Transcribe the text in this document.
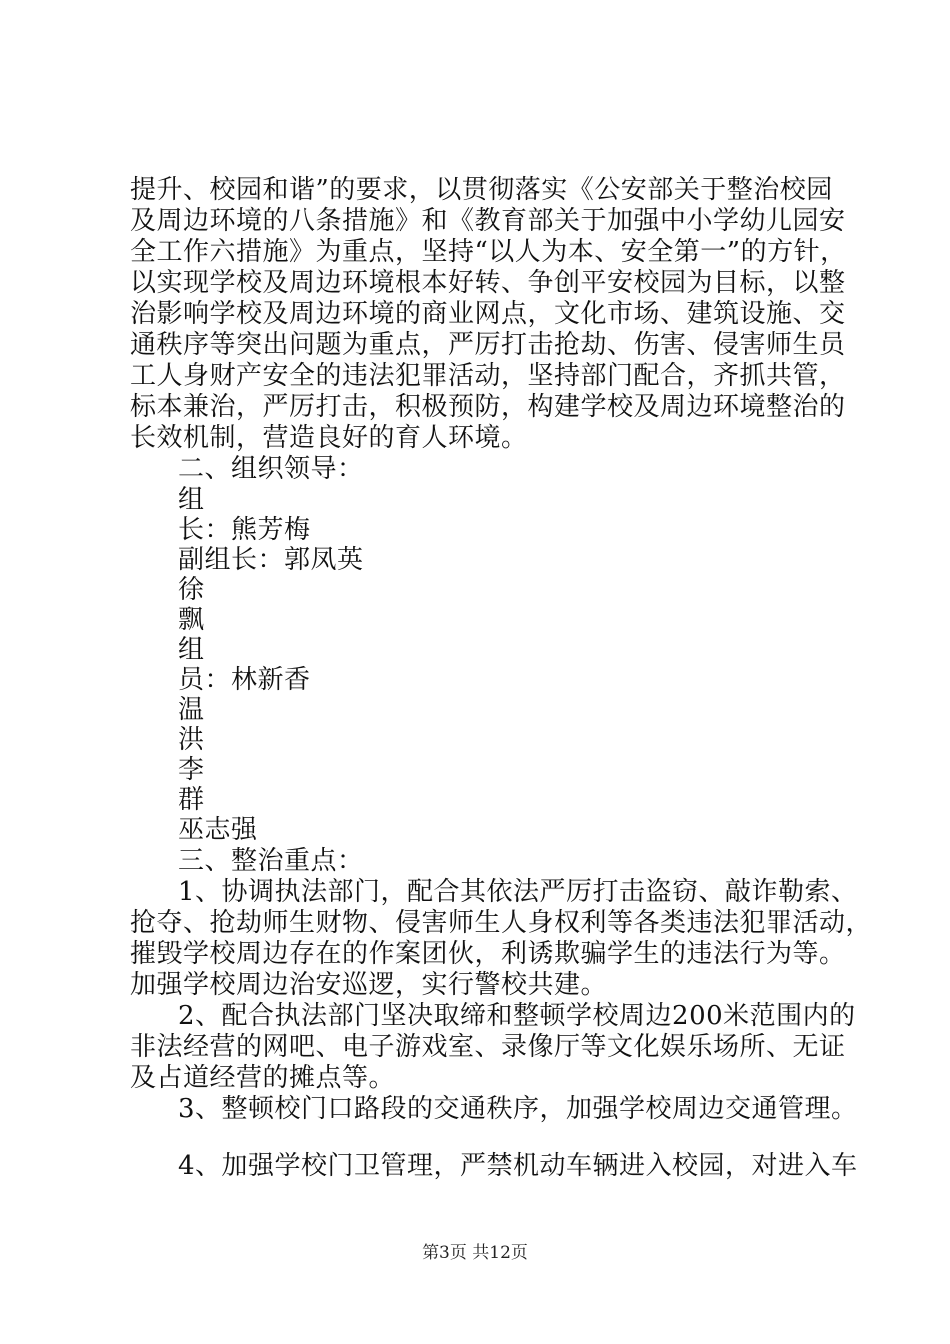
提升、校园和谐”的要求，以贯彻落实《公安部关于整治校园
及周边环境的八条措施》和《教育部关于加强中小学幼儿园安
全工作六措施》为重点，坚持“以人为本、安全第一”的方针，
以实现学校及周边环境根本好转、争创平安校园为目标，以整
治影响学校及周边环境的商业网点，文化市场、建筑设施、交
通秩序等突出问题为重点，严厉打击抢劫、伤害、侵害师生员
工人身财产安全的违法犯罪活动，坚持部门配合，齐抓共管，
标本兼治，严厉打击，积极预防，构建学校及周边环境整治的
长效机制，营造良好的育人环境。
二、组织领导：
组
长：熊芳梅
副组长：郭凤英
徐
飘
组
员：林新香
温
洪
李
群
巫志强
三、整治重点：
1、协调执法部门，配合其依法严厉打击盗窃、敲诈勒索、
抢夺、抢劫师生财物、侵害师生人身权利等各类违法犯罪活动，
摧毁学校周边存在的作案团伙，利诱欺骗学生的违法行为等。
加强学校周边治安巡逻，实行警校共建。
2、配合执法部门坚决取缔和整顿学校周边200米范围内的
非法经营的网吧、电子游戏室、录像厅等文化娱乐场所、无证
及占道经营的摊点等。
3、整顿校门口路段的交通秩序，加强学校周边交通管理。
4、加强学校门卫管理，严禁机动车辆进入校园，对进入车
第3页 共12页
